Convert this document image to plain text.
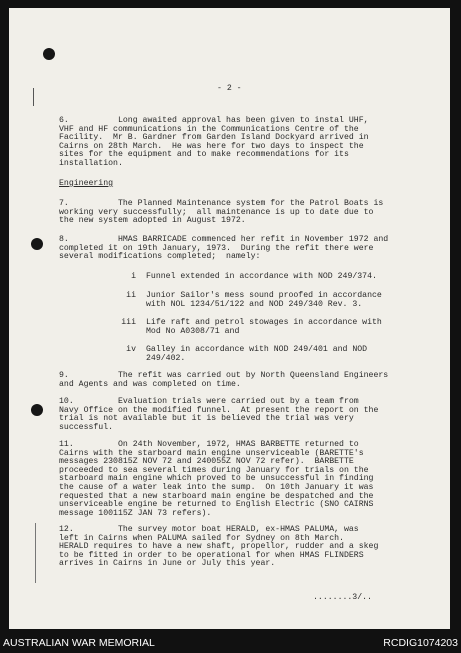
- 2 -
6.          Long awaited approval has been given to instal UHF,
VHF and HF communications in the Communications Centre of the
Facility.  Mr B. Gardner from Garden Island Dockyard arrived in
Cairns on 28th March.  He was here for two days to inspect the
sites for the equipment and to make recommendations for its
installation.
Engineering
7.          The Planned Maintenance system for the Patrol Boats is
working very successfully;  all maintenance is up to date due to
the new system adopted in August 1972.
8.          HMAS BARRICADE commenced her refit in November 1972 and
completed it on 19th January, 1973.  During the refit there were
several modifications completed;  namely:
i Funnel extended in accordance with NOD 249/374.
ii Junior Sailor's mess sound proofed in accordance
with NOL 1234/51/122 and NOD 249/340 Rev. 3.
iii Life raft and petrol stowages in accordance with
Mod No A0308/71 and
iv Galley in accordance with NOD 249/401 and NOD
249/402.
9.          The refit was carried out by North Queensland Engineers
and Agents and was completed on time.
10.         Evaluation trials were carried out by a team from
Navy Office on the modified funnel.  At present the report on the
trial is not available but it is believed the trial was very
successful.
11.         On 24th November, 1972, HMAS BARBETTE returned to
Cairns with the starboard main engine unserviceable (BARETTE's
messages 230815Z NOV 72 and 240055Z NOV 72 refer).  BARBETTE
proceeded to sea several times during January for trials on the
starboard main engine which proved to be unsuccessful in finding
the cause of a water leak into the sump.  On 10th January it was
requested that a new starboard main engine be despatched and the
unserviceable engine be returned to English Electric (SNO CAIRNS
message 100115Z JAN 73 refers).
12.         The survey motor boat HERALD, ex-HMAS PALUMA, was
left in Cairns when PALUMA sailed for Sydney on 8th March.
HERALD requires to have a new shaft, propellor, rudder and a skeg
to be fitted in order to be operational for when HMAS FLINDERS
arrives in Cairns in June or July this year.
........3/..
AUSTRALIAN WAR MEMORIAL	RCDIG1074203
